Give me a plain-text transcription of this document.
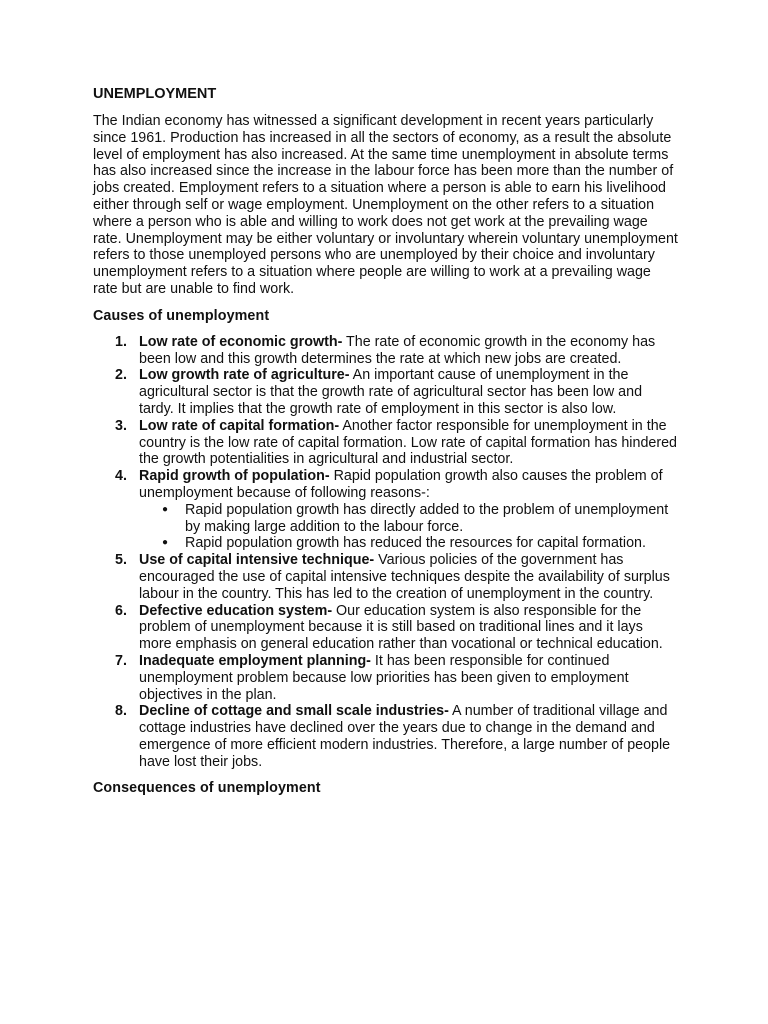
UNEMPLOYMENT

The Indian economy has witnessed a significant development in recent years particularly since 1961. Production has increased in all the sectors of economy, as a result the absolute level of employment has also increased. At the same time unemployment in absolute terms has also increased since the increase in the labour force has been more than the number of jobs created. Employment refers to a situation where a person is able to earn his livelihood either through self or wage employment. Unemployment on the other refers to a situation where a person who is able and willing to work does not get work at the prevailing wage rate. Unemployment may be either voluntary or involuntary wherein voluntary unemployment refers to those unemployed persons who are unemployed by their choice and involuntary unemployment refers to a situation where people are willing to work at a prevailing wage rate but are unable to find work.

Causes of unemployment
1. Low rate of economic growth- The rate of economic growth in the economy has been low and this growth determines the rate at which new jobs are created.
2. Low growth rate of agriculture- An important cause of unemployment in the agricultural sector is that the growth rate of agricultural sector has been low and tardy. It implies that the growth rate of employment in this sector is also low.
3. Low rate of capital formation- Another factor responsible for unemployment in the country is the low rate of capital formation. Low rate of capital formation has hindered the growth potentialities in agricultural and industrial sector.
4. Rapid growth of population- Rapid population growth also causes the problem of unemployment because of following reasons-:
● Rapid population growth has directly added to the problem of unemployment by making large addition to the labour force.
● Rapid population growth has reduced the resources for capital formation.
5. Use of capital intensive technique- Various policies of the government has encouraged the use of capital intensive techniques despite the availability of surplus labour in the country. This has led to the creation of unemployment in the country.
6. Defective education system- Our education system is also responsible for the problem of unemployment because it is still based on traditional lines and it lays more emphasis on general education rather than vocational or technical education.
7. Inadequate employment planning- It has been responsible for continued unemployment problem because low priorities has been given to employment objectives in the plan.
8. Decline of cottage and small scale industries- A number of traditional village and cottage industries have declined over the years due to change in the demand and emergence of more efficient modern industries. Therefore, a large number of people have lost their jobs.
Consequences of unemployment
